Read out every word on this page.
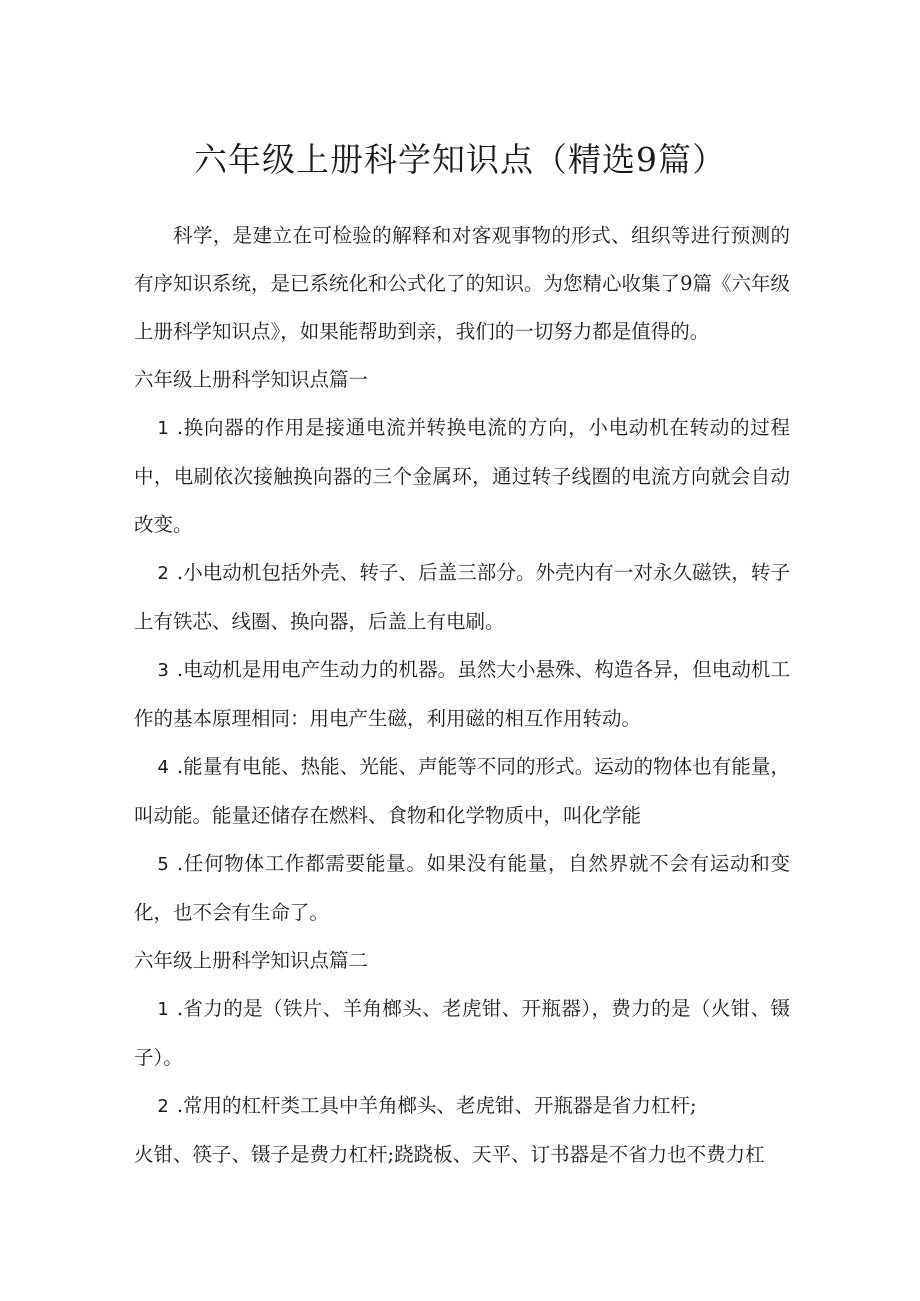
六年级上册科学知识点（精选9篇）

科学，是建立在可检验的解释和对客观事物的形式、组织等进行预测的有序知识系统，是已系统化和公式化了的知识。为您精心收集了9篇《六年级上册科学知识点》，如果能帮助到亲，我们的一切努力都是值得的。

六年级上册科学知识点篇一

1 .换向器的作用是接通电流并转换电流的方向，小电动机在转动的过程中，电刷依次接触换向器的三个金属环，通过转子线圈的电流方向就会自动改变。

2 .小电动机包括外壳、转子、后盖三部分。外壳内有一对永久磁铁，转子上有铁芯、线圈、换向器，后盖上有电刷。

3 .电动机是用电产生动力的机器。虽然大小悬殊、构造各异，但电动机工作的基本原理相同：用电产生磁，利用磁的相互作用转动。

4 .能量有电能、热能、光能、声能等不同的形式。运动的物体也有能量，叫动能。能量还储存在燃料、食物和化学物质中，叫化学能

5 .任何物体工作都需要能量。如果没有能量，自然界就不会有运动和变化，也不会有生命了。

六年级上册科学知识点篇二

1 .省力的是（铁片、羊角榔头、老虎钳、开瓶器），费力的是（火钳、镊子）。

2 .常用的杠杆类工具中羊角榔头、老虎钳、开瓶器是省力杠杆;

火钳、筷子、镊子是费力杠杆;跷跷板、天平、订书器是不省力也不费力杠
